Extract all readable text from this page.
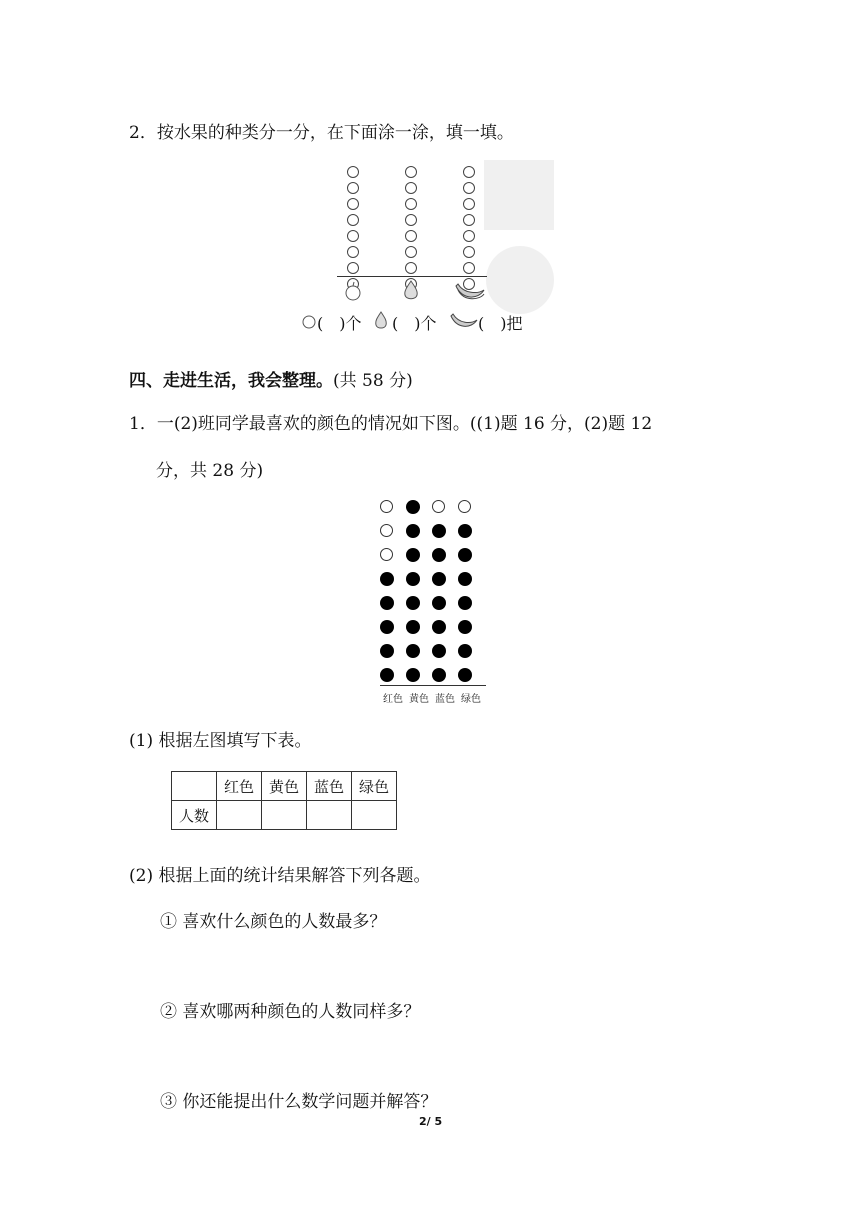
2．按水果的种类分一分，在下面涂一涂，填一填。
(　)个 (　)个	(　)把
四、走进生活，我会整理。(共 58 分)
1．一(2)班同学最喜欢的颜色的情况如下图。((1)题 16 分，(2)题 12
分，共 28 分)
红色 黄色 蓝色 绿色
(1) 根据左图填写下表。
	红色	黄色	蓝色	绿色
人数				
(2) 根据上面的统计结果解答下列各题。
① 喜欢什么颜色的人数最多？
② 喜欢哪两种颜色的人数同样多？
③ 你还能提出什么数学问题并解答？
2/ 5
